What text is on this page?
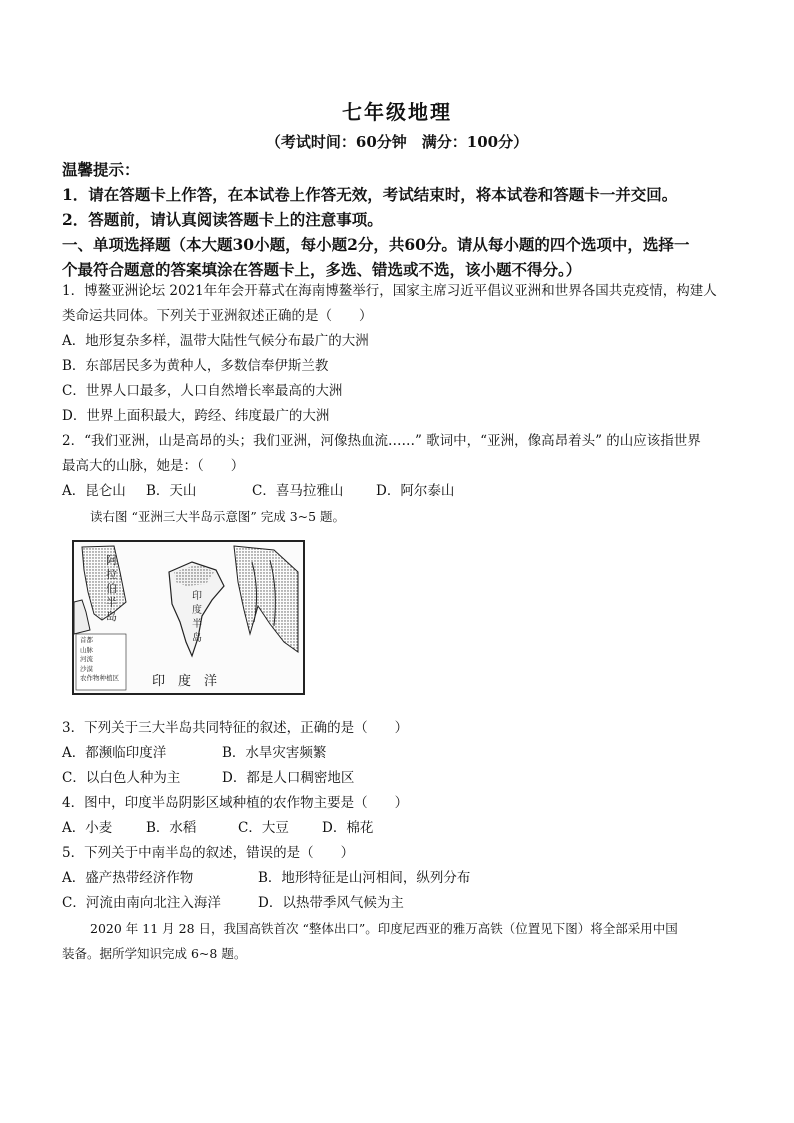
七年级地理
（考试时间：60分钟　满分：100分）
温馨提示：
1．请在答题卡上作答，在本试卷上作答无效，考试结束时，将本试卷和答题卡一并交回。
2．答题前，请认真阅读答题卡上的注意事项。
一、单项选择题（本大题30小题，每小题2分，共60分。请从每小题的四个选项中，选择一
个最符合题意的答案填涂在答题卡上，多选、错选或不选，该小题不得分。）
1．博鳌亚洲论坛 2021年年会开幕式在海南博鳌举行，国家主席习近平倡议亚洲和世界各国共克疫情，构建人
类命运共同体。下列关于亚洲叙述正确的是（　　）
A．地形复杂多样，温带大陆性气候分布最广的大洲
B．东部居民多为黄种人，多数信奉伊斯兰教
C．世界人口最多，人口自然增长率最高的大洲
D．世界上面积最大，跨经、纬度最广的大洲
2．“我们亚洲，山是高昂的头；我们亚洲，河像热血流……” 歌词中，“亚洲，像高昂着头” 的山应该指世界
最高大的山脉，她是：（　　）
A．昆仑山 B．天山	C．喜马拉雅山 D．阿尔泰山
读右图 “亚洲三大半岛示意图” 完成 3~5 题。
阿拉伯半岛
印度半岛
印　度　洋
首都
山脉
河流
沙漠
农作物种植区
3．下列关于三大半岛共同特征的叙述，正确的是（　　）
A．都濒临印度洋	B．水旱灾害频繁
C．以白色人种为主	D．都是人口稠密地区
4．图中，印度半岛阴影区域种植的农作物主要是（　　）
A．小麦	B．水稻	C．大豆 D．棉花
5．下列关于中南半岛的叙述，错误的是（　　）
A．盛产热带经济作物	B．地形特征是山河相间，纵列分布
C．河流由南向北注入海洋	D．以热带季风气候为主
2020 年 11 月 28 日，我国高铁首次 “整体出口”。印度尼西亚的雅万高铁（位置见下图）将全部采用中国
装备。据所学知识完成 6~8 题。
